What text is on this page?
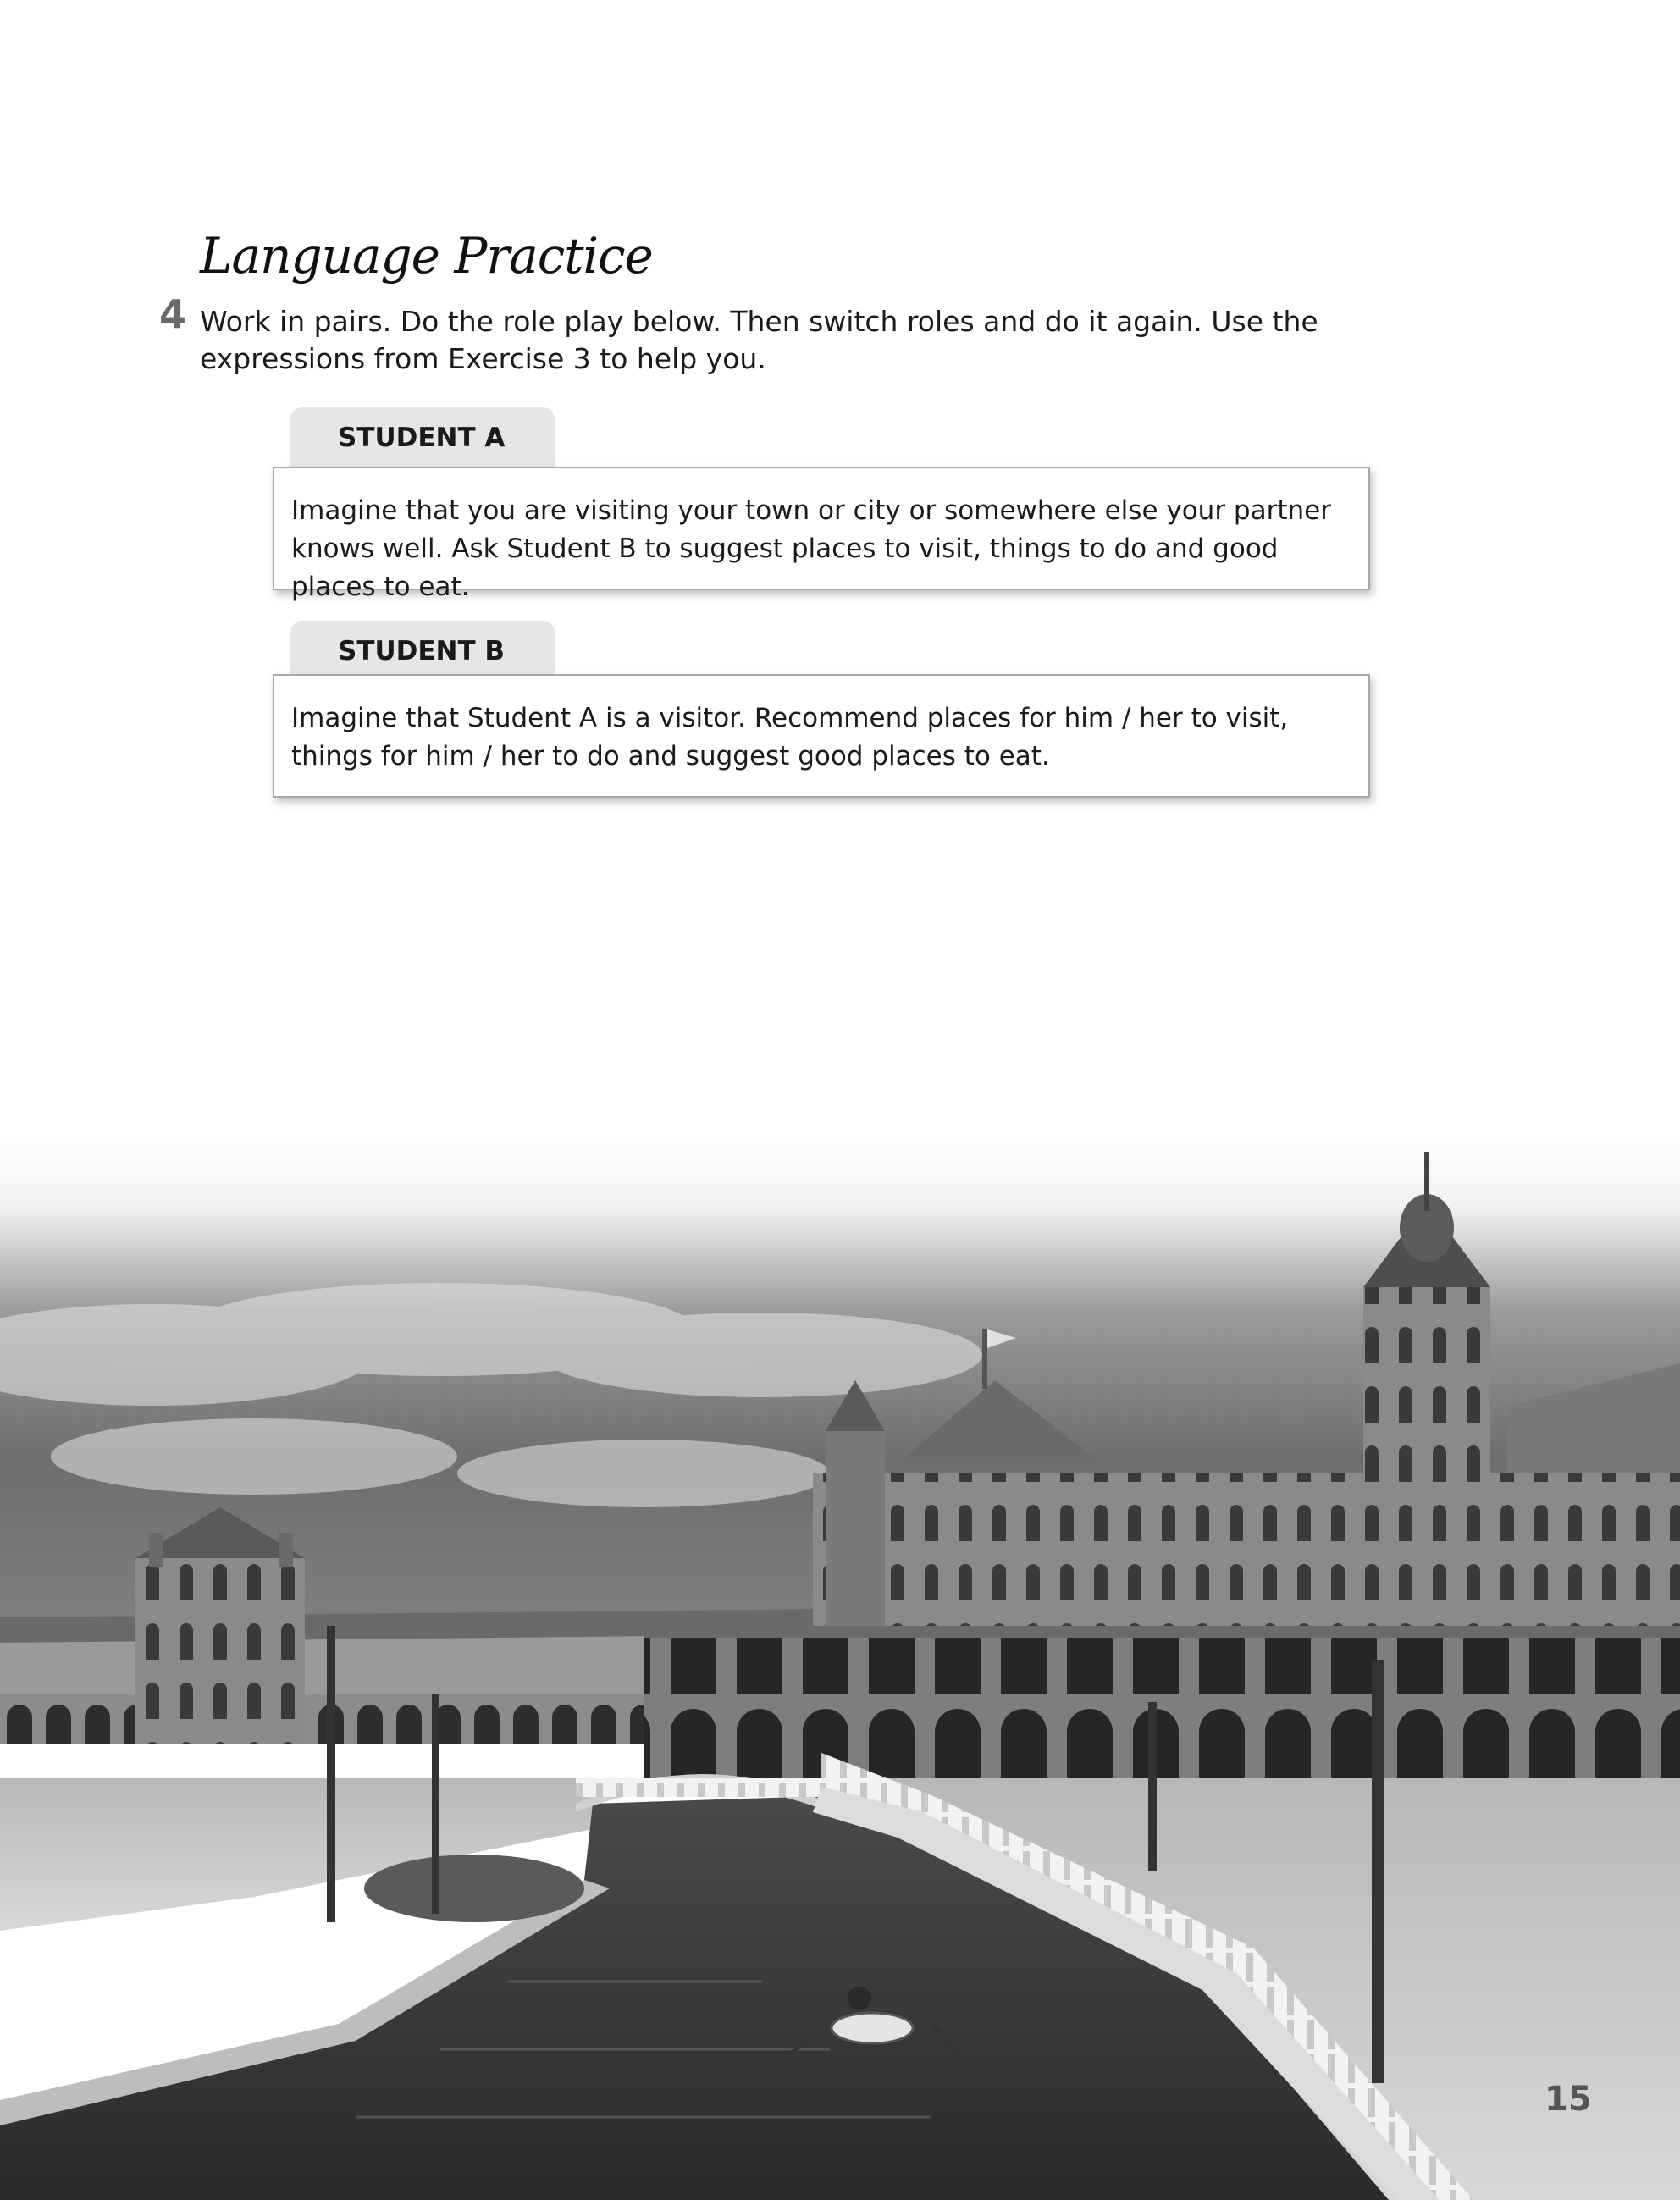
Language Practice
4 Work in pairs. Do the role play below. Then switch roles and do it again. Use the expressions from Exercise 3 to help you.

STUDENT A

Imagine that you are visiting your town or city or somewhere else your partner knows well. Ask Student B to suggest places to visit, things to do and good places to eat.

STUDENT B

Imagine that Student A is a visitor. Recommend places for him / her to visit, things for him / her to do and suggest good places to eat.

15
